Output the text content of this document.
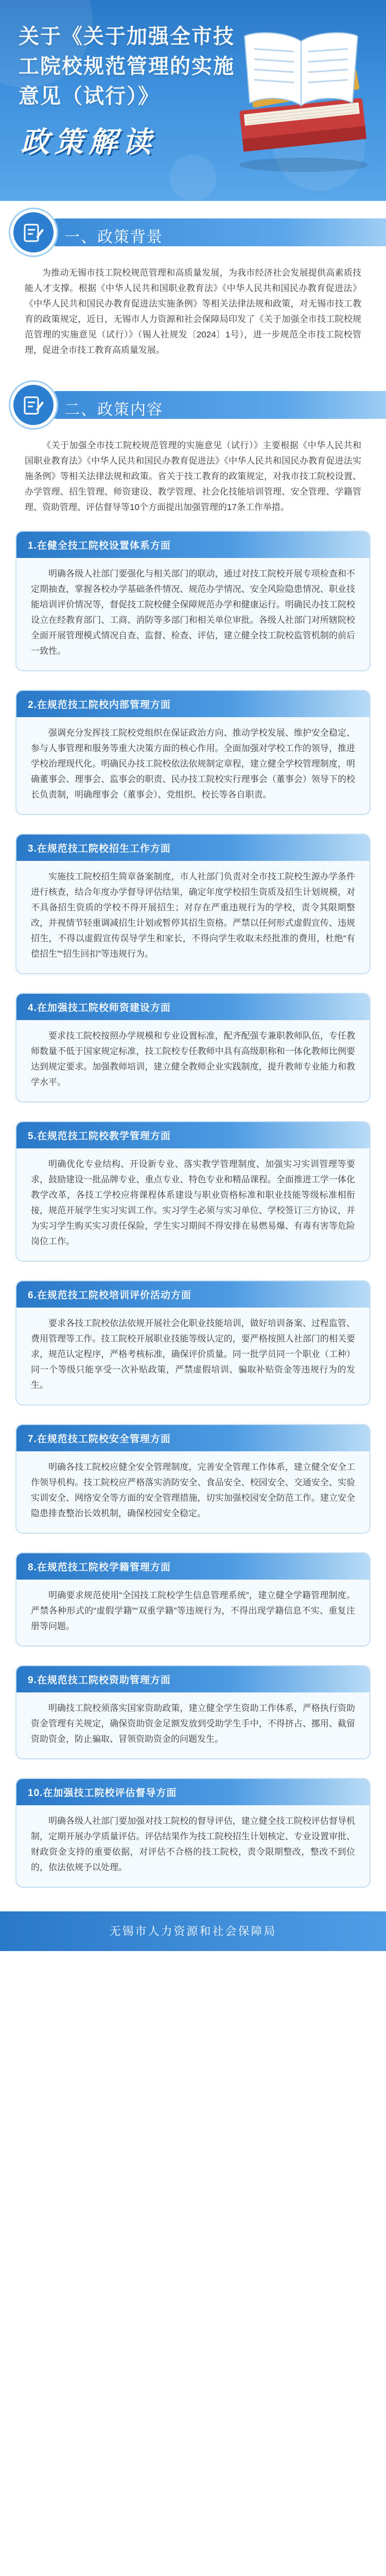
关于《关于加强全市技工院校规范管理的实施意见（试行）》
政策解读
一、政策背景

为推动无锡市技工院校规范管理和高质量发展，为我市经济社会发展提供高素质技能人才支撑。根据《中华人民共和国职业教育法》《中华人民共和国民办教育促进法》《中华人民共和国民办教育促进法实施条例》等相关法律法规和政策，对无锡市技工教育的政策规定，近日，无锡市人力资源和社会保障局印发了《关于加强全市技工院校规范管理的实施意见（试行）》（锡人社规发〔2024〕1号），进一步规范全市技工院校管理，促进全市技工教育高质量发展。

二、政策内容

《关于加强全市技工院校规范管理的实施意见（试行）》主要根据《中华人民共和国职业教育法》《中华人民共和国民办教育促进法》《中华人民共和国民办教育促进法实施条例》等相关法律法规和政策。省关于技工教育的政策规定，对我市技工院校设置、办学管理、招生管理、师资建设、教学管理、社会化技能培训管理、安全管理、学籍管理、资助管理、评估督导等10个方面提出加强管理的17条工作举措。

1.在健全技工院校设置体系方面

明确各级人社部门要强化与相关部门的联动，通过对技工院校开展专项检查和不定期抽查，掌握各校办学基础条件情况、规范办学情况、安全风险隐患情况、职业技能培训评价情况等，督促技工院校健全保障规范办学和健康运行。明确民办技工院校设立在经教育部门、工商、消防等多部门和相关单位审批。各级人社部门对所辖院校全面开展管理模式情况自查、监督、检查、评估，建立健全技工院校监管机制的前后一致性。

2.在规范技工院校内部管理方面

强调充分发挥技工院校党组织在保证政治方向、推动学校发展、维护安全稳定、参与人事管理和服务等重大决策方面的核心作用。全面加强对学校工作的领导，推进学校治理现代化。明确民办技工院校依法依规制定章程，建立健全学校管理制度，明确董事会、理事会、监事会的职责、民办技工院校实行理事会（董事会）领导下的校长负责制，明确理事会（董事会）、党组织、校长等各自职责。

3.在规范技工院校招生工作方面

实施技工院校招生简章备案制度，市人社部门负责对全市技工院校生源办学条件进行核查，结合年度办学督导评估结果，确定年度学校招生资质及招生计划规模，对不具备招生资质的学校不得开展招生；对存在严重违规行为的学校，责令其限期整改，并视情节轻重调减招生计划或暂停其招生资格。严禁以任何形式虚假宣传、违规招生，不得以虚假宣传误导学生和家长，不得向学生收取未经批准的费用，杜绝“有偿招生”“招生回扣”等违规行为。

4.在加强技工院校师资建设方面

要求技工院校按照办学规模和专业设置标准，配齐配强专兼职教师队伍，专任教师数量不低于国家规定标准，技工院校专任教师中具有高级职称和一体化教师比例要达到规定要求。加强教师培训，建立健全教师企业实践制度，提升教师专业能力和教学水平。

5.在规范技工院校教学管理方面

明确优化专业结构、开设新专业、落实教学管理制度、加强实习实训管理等要求，鼓励建设一批品牌专业、重点专业、特色专业和精品课程。全面推进工学一体化教学改革，各技工学校应将课程体系建设与职业资格标准和职业技能等级标准相衔接，规范开展学生实习实训工作。实习学生必须与实习单位、学校签订三方协议，并为实习学生购买实习责任保险，学生实习期间不得安排在易燃易爆、有毒有害等危险岗位工作。

6.在规范技工院校培训评价活动方面

要求各技工院校依法依规开展社会化职业技能培训，做好培训备案、过程监管、费用管理等工作。技工院校开展职业技能等级认定的，要严格按照人社部门的相关要求，规范认定程序，严格考核标准，确保评价质量。同一批学员同一个职业（工种）同一个等级只能享受一次补贴政策，严禁虚假培训、骗取补贴资金等违规行为的发生。

7.在规范技工院校安全管理方面

明确各技工院校应健全安全管理制度，完善安全管理工作体系，建立健全安全工作领导机构。技工院校应严格落实消防安全、食品安全、校园安全、交通安全、实验实训安全、网络安全等方面的安全管理措施，切实加强校园安全防范工作。建立安全隐患排查整治长效机制，确保校园安全稳定。

8.在规范技工院校学籍管理方面

明确要求规范使用“全国技工院校学生信息管理系统”，建立健全学籍管理制度。严禁各种形式的“虚假学籍”“双重学籍”等违规行为，不得出现学籍信息不实、重复注册等问题。

9.在规范技工院校资助管理方面

明确技工院校须落实国家资助政策，建立健全学生资助工作体系，严格执行资助资金管理有关规定，确保资助资金足额发放到受助学生手中，不得挤占、挪用、截留资助资金，防止骗取、冒领资助资金的问题发生。

10.在加强技工院校评估督导方面

明确各级人社部门要加强对技工院校的督导评估，建立健全技工院校评估督导机制，定期开展办学质量评估。评估结果作为技工院校招生计划核定、专业设置审批、财政资金支持的重要依据，对评估不合格的技工院校，责令限期整改，整改不到位的，依法依规予以处理。

无锡市人力资源和社会保障局
